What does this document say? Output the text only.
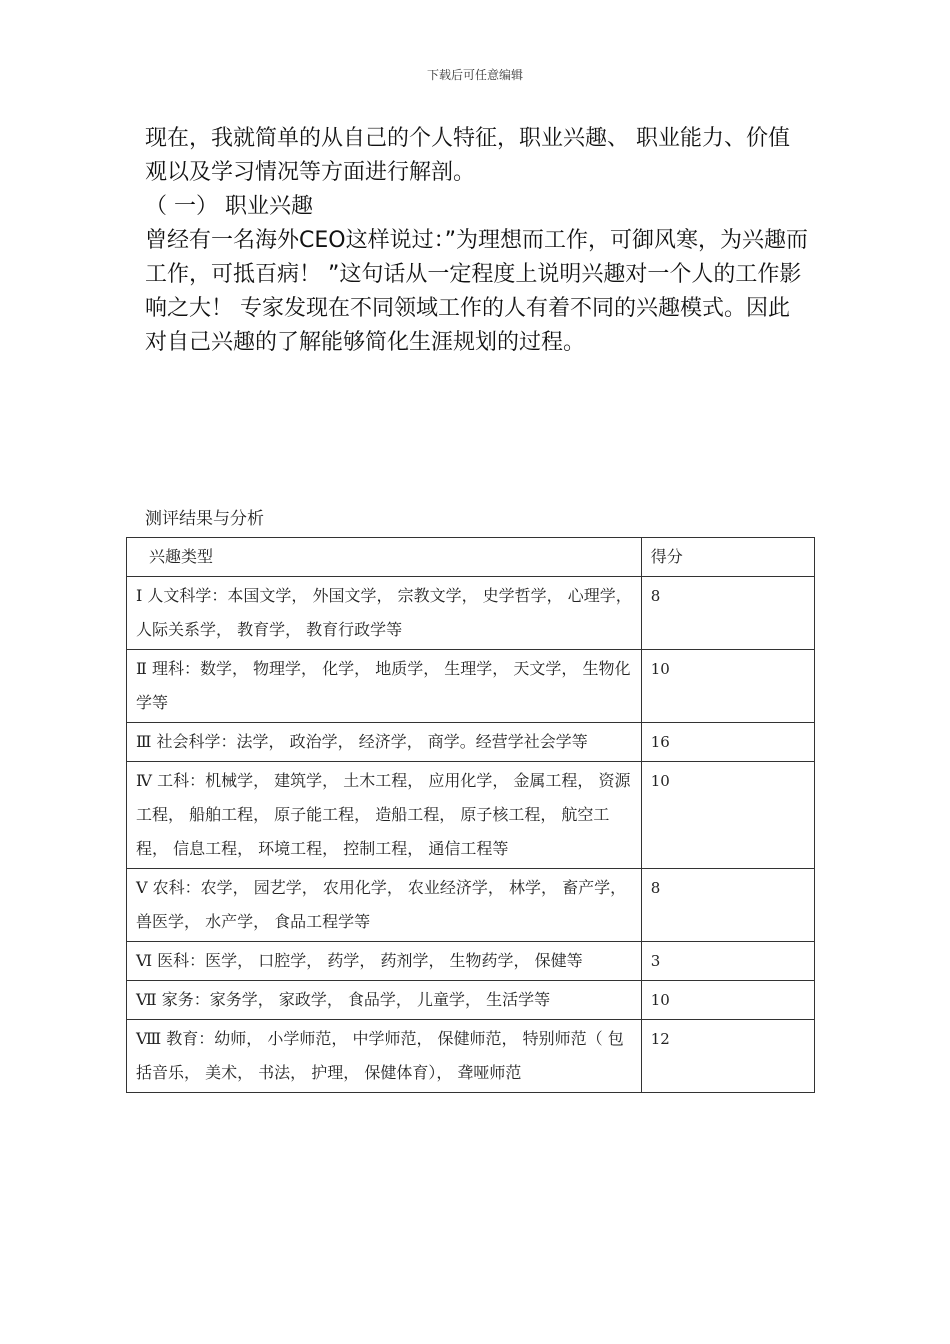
下载后可任意编辑

现在，我就简单的从自己的个人特征，职业兴趣、 职业能力、价值观以及学习情况等方面进行解剖。

（ 一） 职业兴趣

曾经有一名海外CEO这样说过：”为理想而工作，可御风寒，为兴趣而工作，可抵百病！ ”这句话从一定程度上说明兴趣对一个人的工作影响之大！ 专家发现在不同领域工作的人有着不同的兴趣模式。因此对自己兴趣的了解能够简化生涯规划的过程。

测评结果与分析
兴趣类型	得分
Ⅰ 人文科学：本国文学， 外国文学， 宗教文学， 史学哲学， 心理学， 人际关系学， 教育学， 教育行政学等	8
Ⅱ 理科：数学， 物理学， 化学， 地质学， 生理学， 天文学， 生物化学等	10
Ⅲ 社会科学：法学， 政治学， 经济学， 商学。经营学社会学等	16
Ⅳ 工科：机械学， 建筑学， 土木工程， 应用化学， 金属工程， 资源工程， 船舶工程， 原子能工程， 造船工程， 原子核工程， 航空工程， 信息工程， 环境工程， 控制工程， 通信工程等	10
Ⅴ 农科：农学， 园艺学， 农用化学， 农业经济学， 林学， 畜产学， 兽医学， 水产学， 食品工程学等	8
Ⅵ 医科：医学， 口腔学， 药学， 药剂学， 生物药学， 保健等	3
Ⅶ 家务：家务学， 家政学， 食品学， 儿童学， 生活学等	10
Ⅷ 教育：幼师， 小学师范， 中学师范， 保健师范， 特别师范（ 包括音乐， 美术， 书法， 护理， 保健体育）， 聋哑师范	12
